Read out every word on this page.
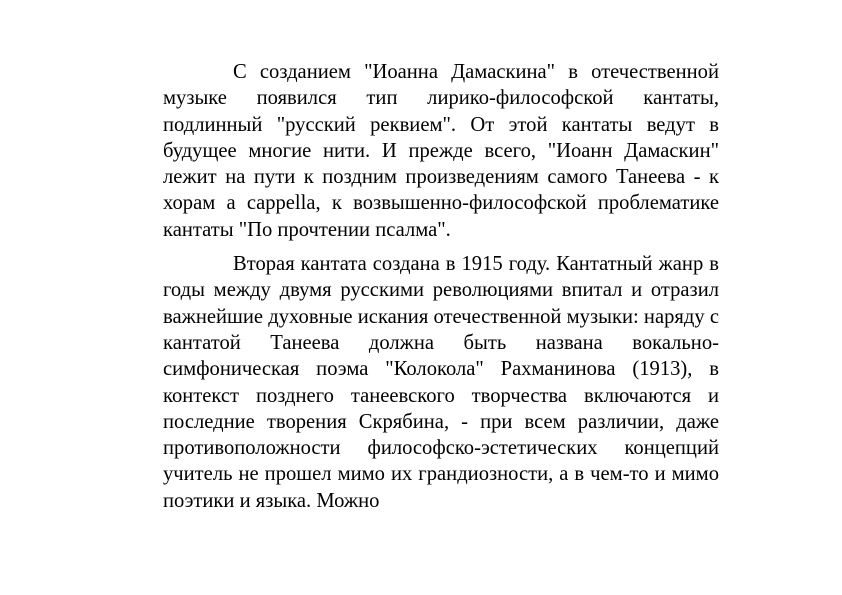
С созданием "Иоанна Дамаскина" в отечественной музыке появился тип лирико-философской кантаты, подлинный "русский реквием". От этой кантаты ведут в будущее многие нити. И прежде всего, "Иоанн Дамаскин" лежит на пути к поздним произведениям самого Танеева - к хорам a cappella, к возвышенно-философской проблематике кантаты "По прочтении псалма".

Вторая кантата создана в 1915 году. Кантатный жанр в годы между двумя русскими революциями впитал и отразил важнейшие духовные искания отечественной музыки: наряду с кантатой Танеева должна быть названа вокально-симфоническая поэма "Колокола" Рахманинова (1913), в контекст позднего танеевского творчества включаются и последние творения Скрябина, - при всем различии, даже противоположности философско-эстетических концепций учитель не прошел мимо их грандиозности, а в чем-то и мимо поэтики и языка. Можно
